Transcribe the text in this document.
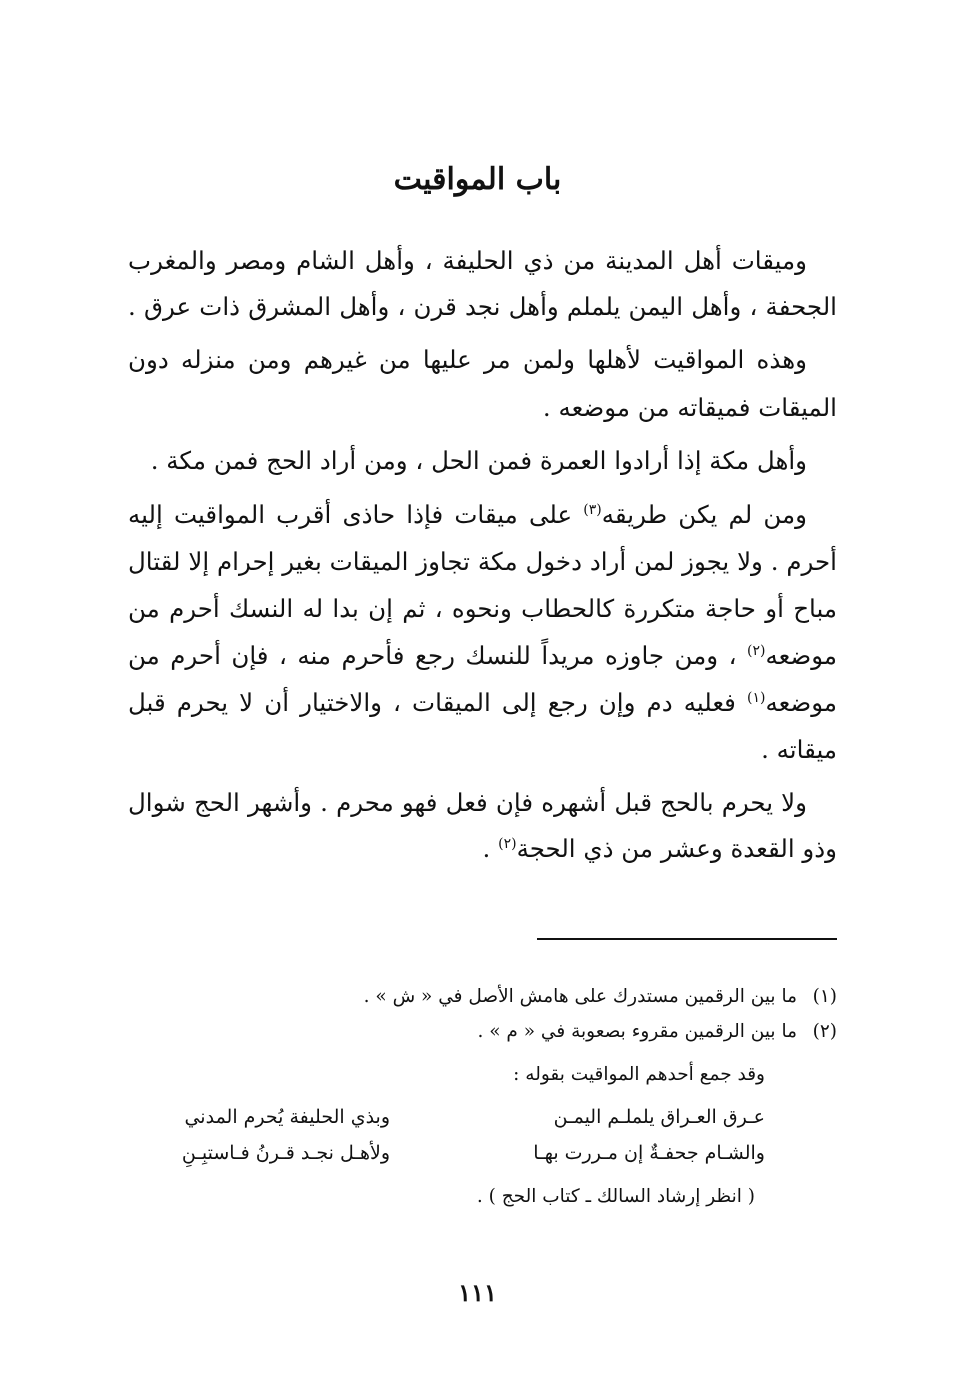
باب المواقيت
وميقات أهل المدينة من ذي الحليفة ، وأهل الشام ومصر والمغرب
الجحفة ، وأهل اليمن يلملم وأهل نجد قرن ، وأهل المشرق ذات عرق .
وهذه المواقيت لأهلها ولمن مر عليها من غيرهم ومن منزله دون
الميقات فميقاته من موضعه .
وأهل مكة إذا أرادوا العمرة فمن الحل ، ومن أراد الحج فمن مكة .
ومن لم يكن طريقه$^{(٣)}$ على ميقات فإذا حاذى أقرب المواقيت إليه
أحرم . ولا يجوز لمن أراد دخول مكة تجاوز الميقات بغير إحرام إلا لقتال
مباح أو حاجة متكررة كالحطاب ونحوه ، ثم إن بدا له النسك أحرم من
موضعه$^{(٢)}$ ، ومن جاوزه مريداً للنسك رجع فأحرم منه ، فإن أحرم من
موضعه$^{(١)}$ فعليه دم وإن رجع إلى الميقات ، والاختيار أن لا يحرم قبل
ميقاته .
ولا يحرم بالحج قبل أشهره فإن فعل فهو محرم . وأشهر الحج شوال
وذو القعدة وعشر من ذي الحجة$^{(٢)}$ .
(١)ما بين الرقمين مستدرك على هامش الأصل في « ش » .
(٢)ما بين الرقمين مقروء بصعوبة في « م » .
وقد جمع أحدهم المواقيت بقوله :
عـرق العـراق يلملـم اليمـن
وبذي الحليفة يُحرم المدني
والشـام جحفـةٌ إن مـررت بهـا
ولأهـل نجـد قـرنُ فـاستبِـنِ
( انظر إرشاد السالك ـ كتاب الحج ) .
١١١
